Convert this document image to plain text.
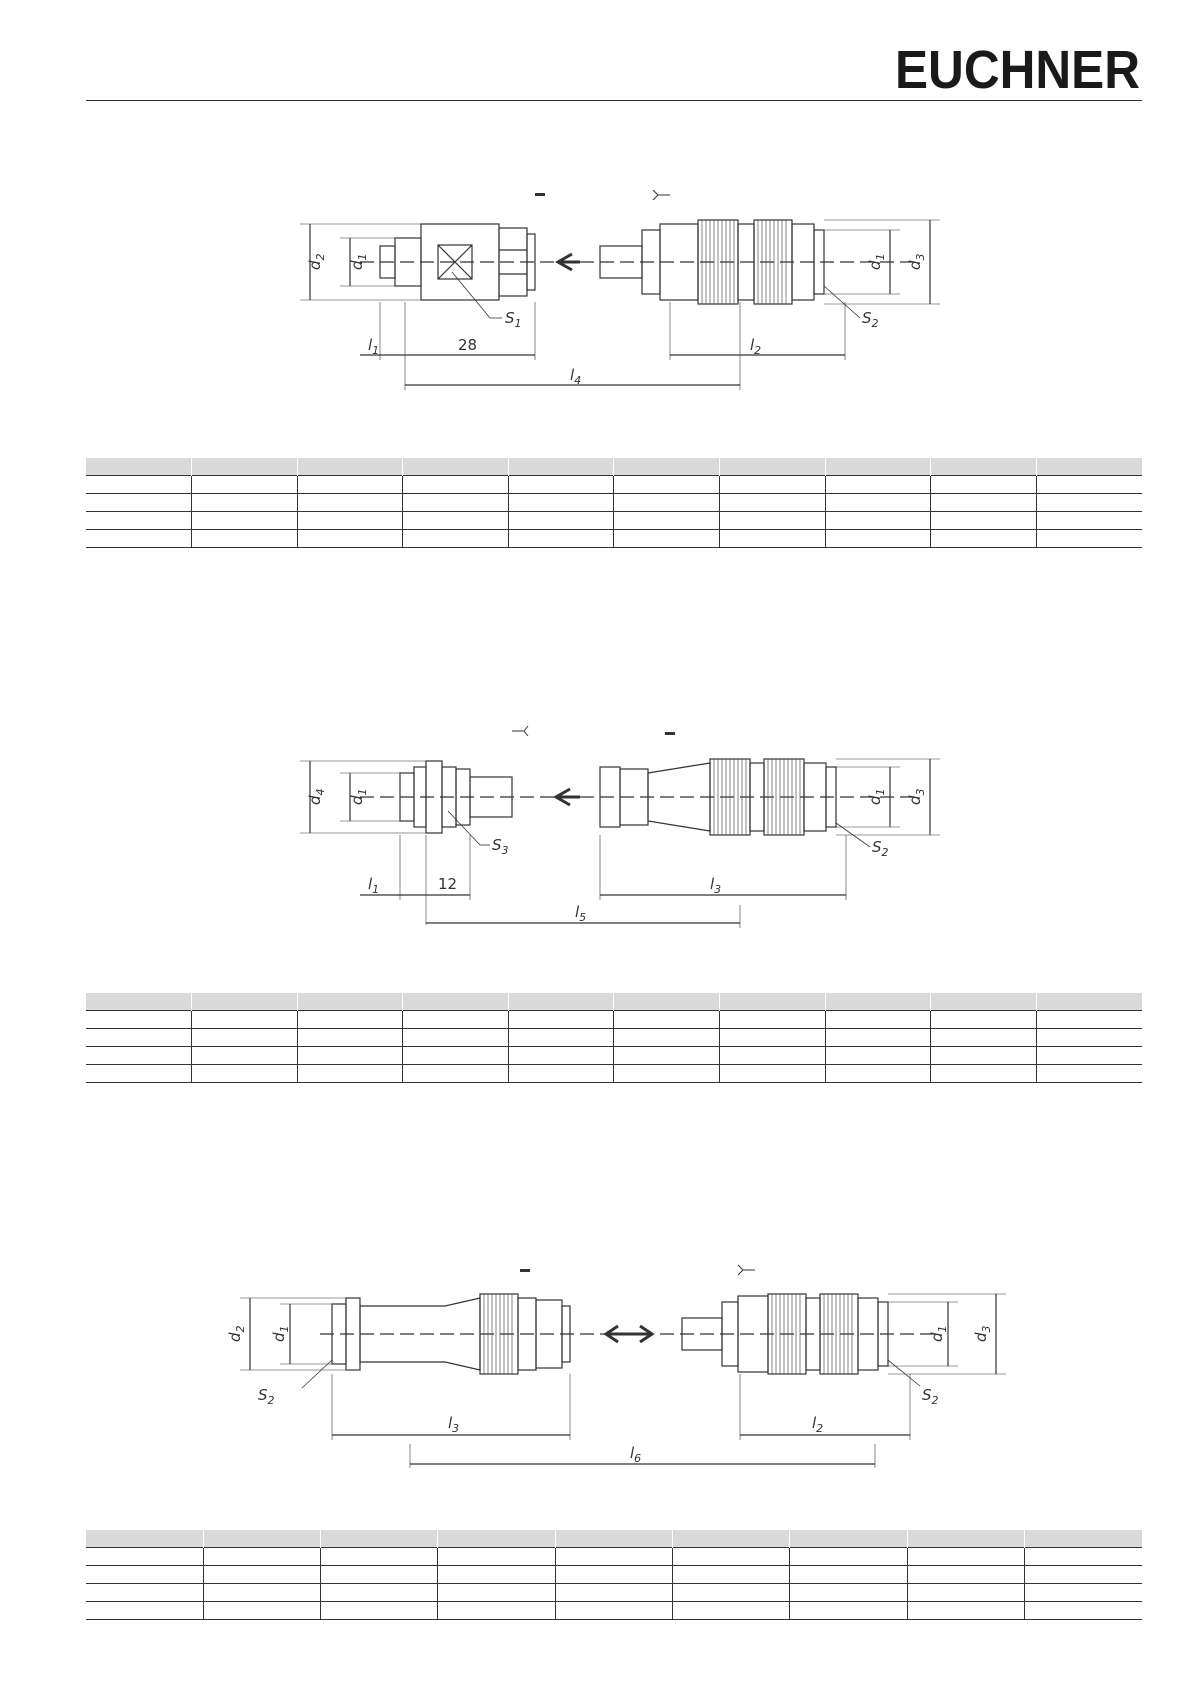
EUCHNER
$d_2$
$d_1$
$d_1$
$d_3$
$S_1$	$S_2$
$l_1$	28	$l_2$
$l_4$

$d_4$
$d_1$
$d_1$
$d_3$
$S_3$	$S_2$
$l_1$	12	$l_3$
$l_5$

$d_2$
$d_1$
$d_1$
$d_3$
$S_2$	$S_2$
$l_3$	$l_2$
$l_6$
